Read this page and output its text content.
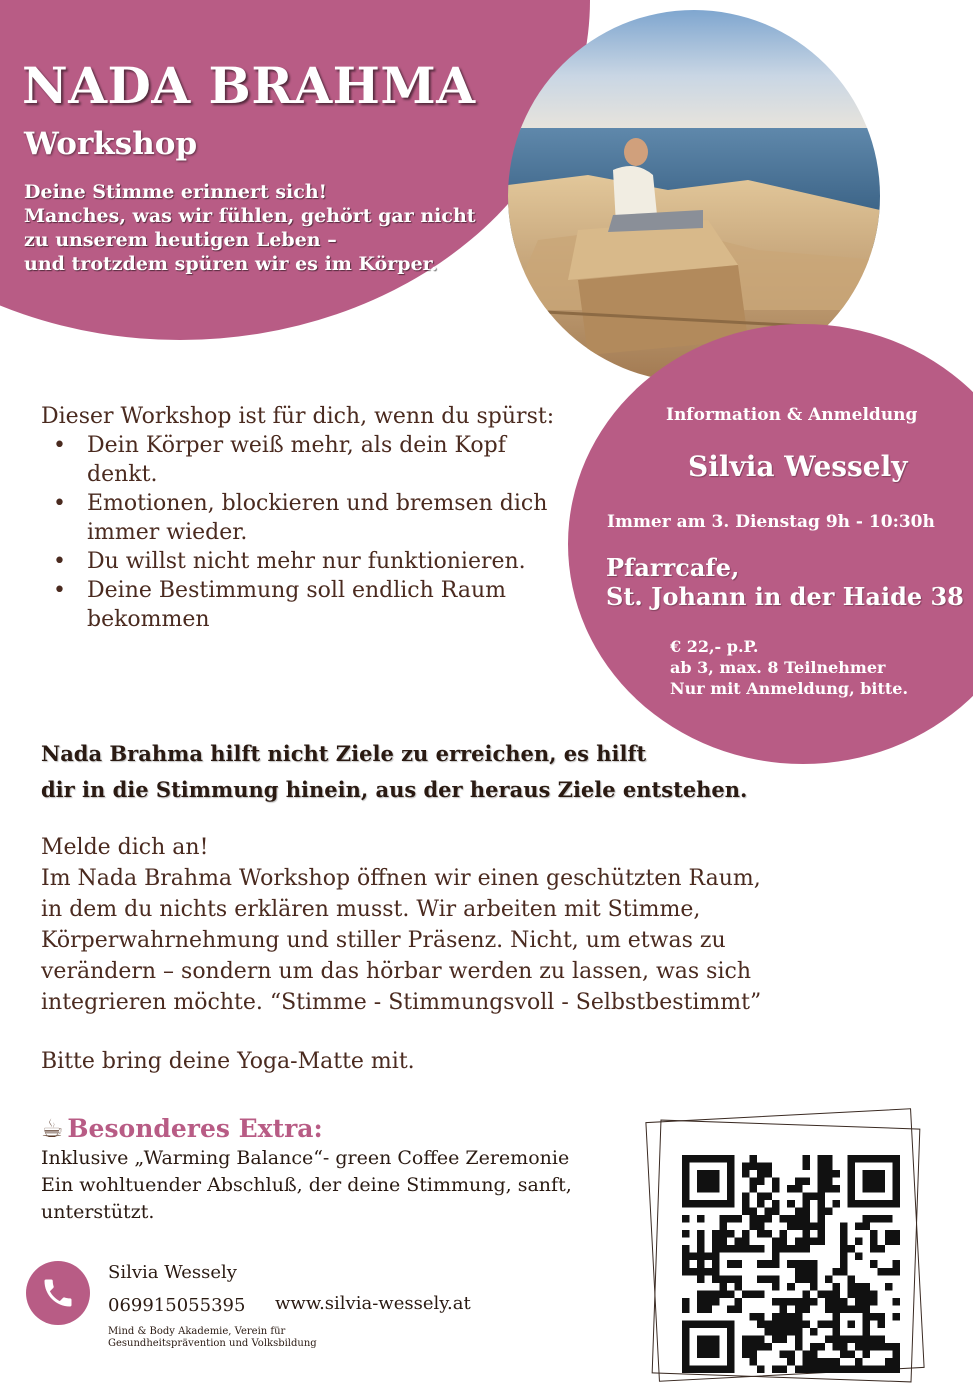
NADA BRAHMA
Workshop
Deine Stimme erinnert sich!
Manches, was wir fühlen, gehört gar nicht
zu unserem heutigen Leben –
und trotzdem spüren wir es im Körper.
Information & Anmeldung
Silvia Wessely
Immer am 3. Dienstag 9h - 10:30h
Pfarrcafe,
St. Johann in der Haide 38
€ 22,- p.P.
ab 3, max. 8 Teilnehmer
Nur mit Anmeldung, bitte.
Dieser Workshop ist für dich, wenn du spürst:
• Dein Körper weiß mehr, als dein Kopf denkt.
• Emotionen, blockieren und bremsen dich immer wieder.
• Du willst nicht mehr nur funktionieren.
• Deine Bestimmung soll endlich Raum bekommen
Nada Brahma hilft nicht Ziele zu erreichen, es hilft
dir in die Stimmung hinein, aus der heraus Ziele entstehen.
Melde dich an!
Im Nada Brahma Workshop öffnen wir einen geschützten Raum,
in dem du nichts erklären musst. Wir arbeiten mit Stimme,
Körperwahrnehmung und stiller Präsenz. Nicht, um etwas zu
verändern – sondern um das hörbar werden zu lassen, was sich
integrieren möchte. “Stimme - Stimmungsvoll - Selbstbestimmt”
Bitte bring deine Yoga-Matte mit.
☕ Besonderes Extra:
Inklusive „Warming Balance“- green Coffee Zeremonie
Ein wohltuender Abschluß, der deine Stimmung, sanft,
unterstützt.
Silvia Wessely
069915055395 www.silvia-wessely.at
Mind & Body Akademie, Verein für
Gesundheitsprävention und Volksbildung
